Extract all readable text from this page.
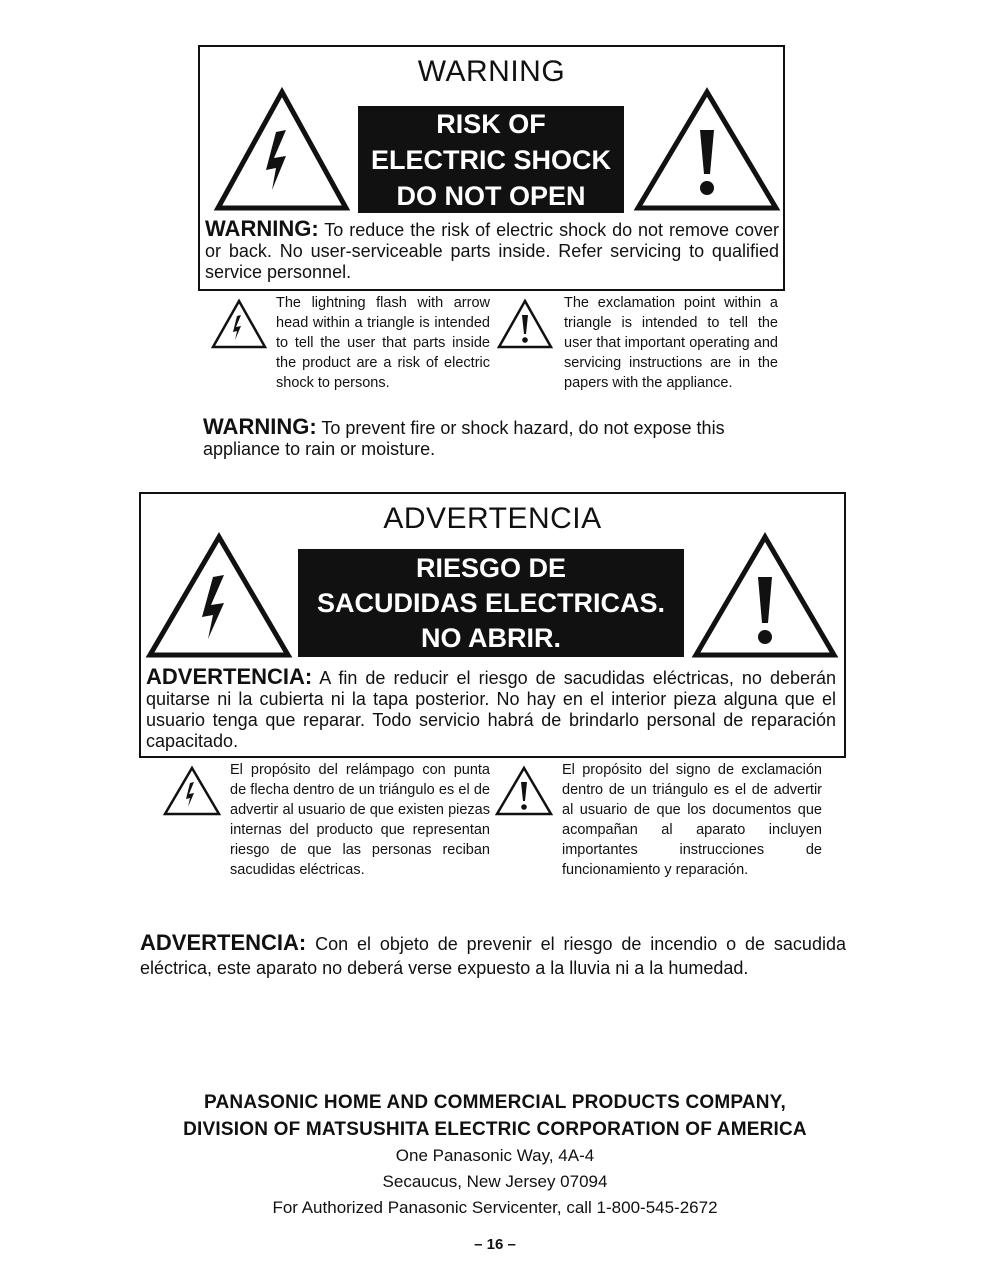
WARNING
RISK OF
ELECTRIC SHOCK
DO NOT OPEN
WARNING: To reduce the risk of electric shock do not remove cover or back. No user-serviceable parts inside. Refer servicing to qualified service personnel.
The lightning flash with arrow head within a triangle is intended to tell the user that parts inside the product are a risk of electric shock to persons.
The exclamation point within a triangle is intended to tell the user that important operating and servicing instructions are in the papers with the appliance.
WARNING: To prevent fire or shock hazard, do not expose this appliance to rain or moisture.
ADVERTENCIA
RIESGO DE
SACUDIDAS ELECTRICAS.
NO ABRIR.
ADVERTENCIA: A fin de reducir el riesgo de sacudidas eléctricas, no deberán quitarse ni la cubierta ni la tapa posterior. No hay en el interior pieza alguna que el usuario tenga que reparar. Todo servicio habrá de brindarlo personal de reparación capacitado.
El propósito del relámpago con punta de flecha dentro de un triángulo es el de advertir al usuario de que existen piezas internas del producto que representan riesgo de que las personas reciban sacudidas eléctricas.
El propósito del signo de exclamación dentro de un triángulo es el de advertir al usuario de que los documentos que acompañan al aparato incluyen importantes instrucciones de funcionamiento y reparación.
ADVERTENCIA: Con el objeto de prevenir el riesgo de incendio o de sacudida eléctrica, este aparato no deberá verse expuesto a la lluvia ni a la humedad.
PANASONIC HOME AND COMMERCIAL PRODUCTS COMPANY,
DIVISION OF MATSUSHITA ELECTRIC CORPORATION OF AMERICA
One Panasonic Way, 4A-4
Secaucus, New Jersey 07094
For Authorized Panasonic Servicenter, call 1-800-545-2672
– 16 –
